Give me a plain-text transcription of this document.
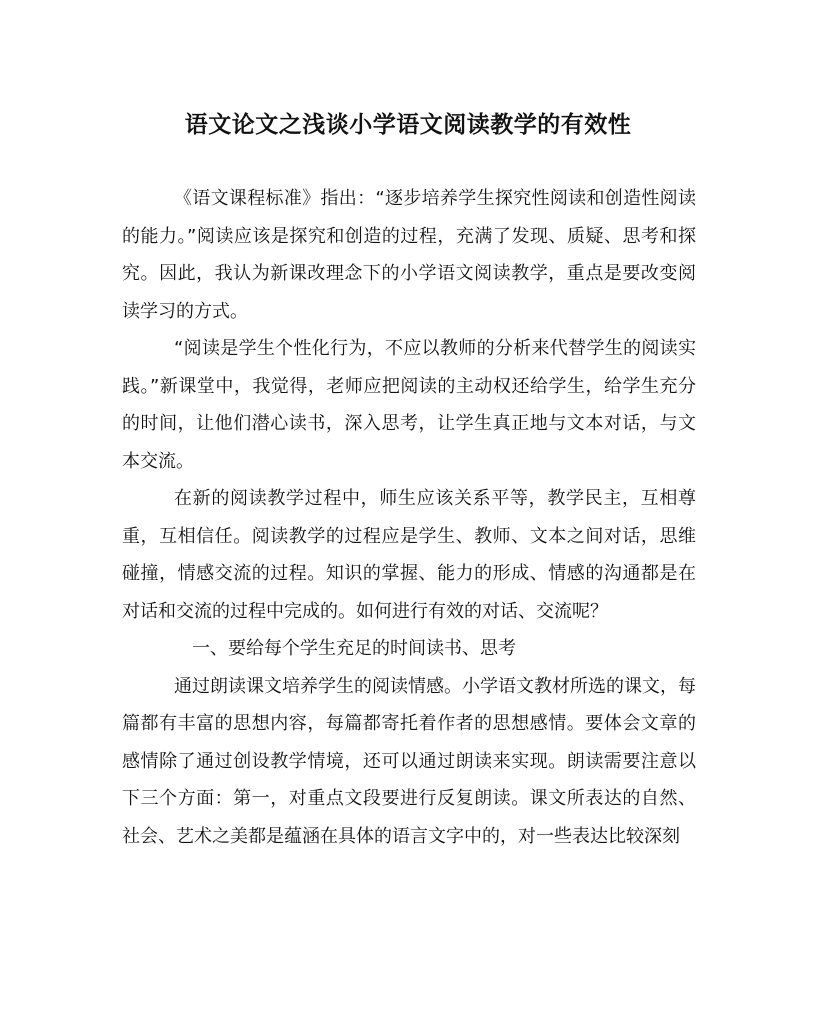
语文论文之浅谈小学语文阅读教学的有效性

《语文课程标准》指出：“逐步培养学生探究性阅读和创造性阅读的能力。”阅读应该是探究和创造的过程，充满了发现、质疑、思考和探究。因此，我认为新课改理念下的小学语文阅读教学，重点是要改变阅读学习的方式。

“阅读是学生个性化行为，不应以教师的分析来代替学生的阅读实践。”新课堂中，我觉得，老师应把阅读的主动权还给学生，给学生充分的时间，让他们潜心读书，深入思考，让学生真正地与文本对话，与文本交流。

在新的阅读教学过程中，师生应该关系平等，教学民主，互相尊重，互相信任。阅读教学的过程应是学生、教师、文本之间对话，思维碰撞，情感交流的过程。知识的掌握、能力的形成、情感的沟通都是在对话和交流的过程中完成的。如何进行有效的对话、交流呢？

一、要给每个学生充足的时间读书、思考

通过朗读课文培养学生的阅读情感。小学语文教材所选的课文，每篇都有丰富的思想内容，每篇都寄托着作者的思想感情。要体会文章的感情除了通过创设教学情境，还可以通过朗读来实现。朗读需要注意以下三个方面：第一，对重点文段要进行反复朗读。课文所表达的自然、社会、艺术之美都是蕴涵在具体的语言文字中的，对一些表达比较深刻
